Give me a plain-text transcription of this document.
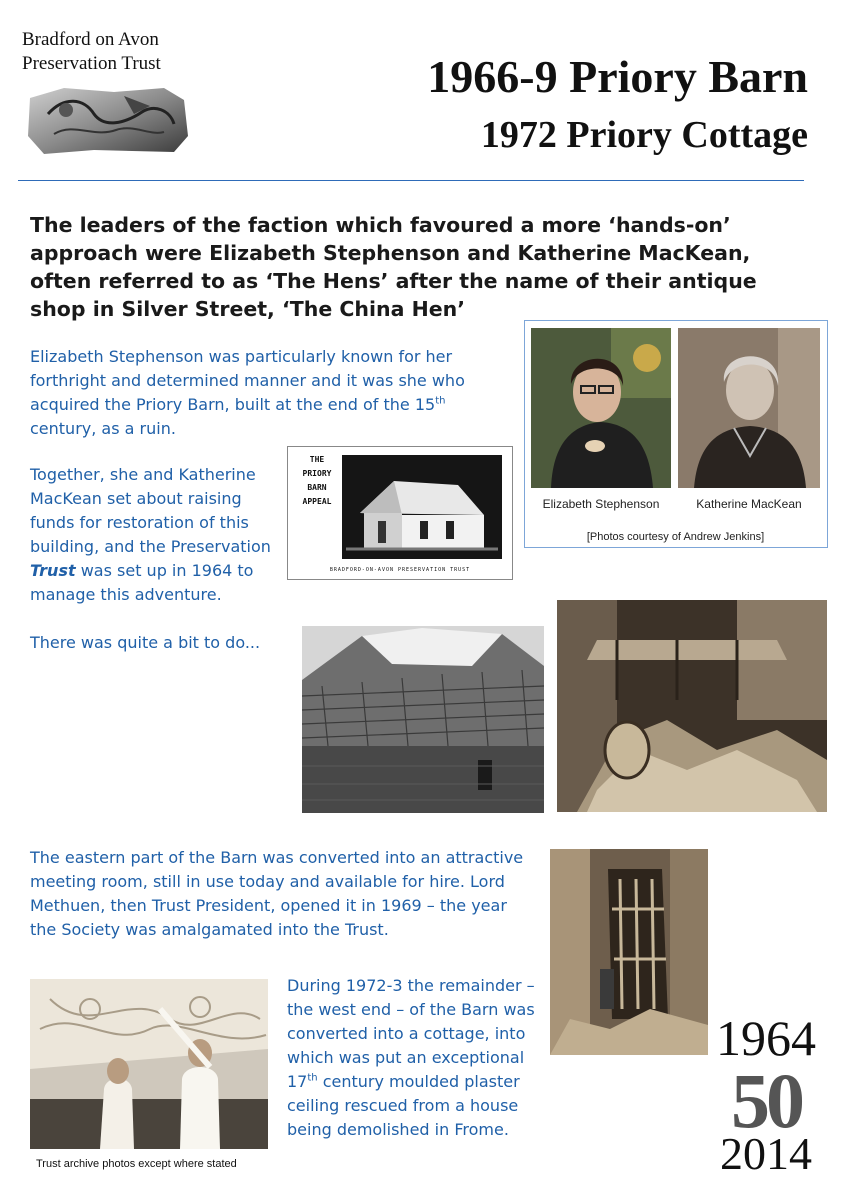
Bradford on Avon
Preservation Trust	1966-9 Priory Barn
1972 Priory Cottage
The leaders of the faction which favoured a more ‘hands-on’ approach were Elizabeth Stephenson and Katherine MacKean, often referred to as ‘The Hens’ after the name of their antique shop in Silver Street, ‘The China Hen’
Elizabeth Stephenson was particularly known for her forthright and determined manner and it was she who acquired the Priory Barn, built at the end of the 15th century, as a ruin.
Elizabeth Stephenson	Katherine MacKean
[Photos courtesy of Andrew Jenkins]
Together, she and Katherine MacKean set about raising funds for restoration of this building, and the Preservation Trust was set up in 1964 to manage this adventure.
THE
PRIORY
BARN
APPEAL
BRADFORD-ON-AVON PRESERVATION TRUST
There was quite a bit to do...
The eastern part of the Barn was converted into an attractive meeting room, still in use today and available for hire. Lord Methuen, then Trust President, opened it in 1969 – the year the Society was amalgamated into the Trust.
Trust archive photos except where stated
During 1972-3 the remainder – the west end – of the Barn was converted into a cottage, into which was put an exceptional 17th century moulded plaster ceiling rescued from a house being demolished in Frome.
1964
50
2014
